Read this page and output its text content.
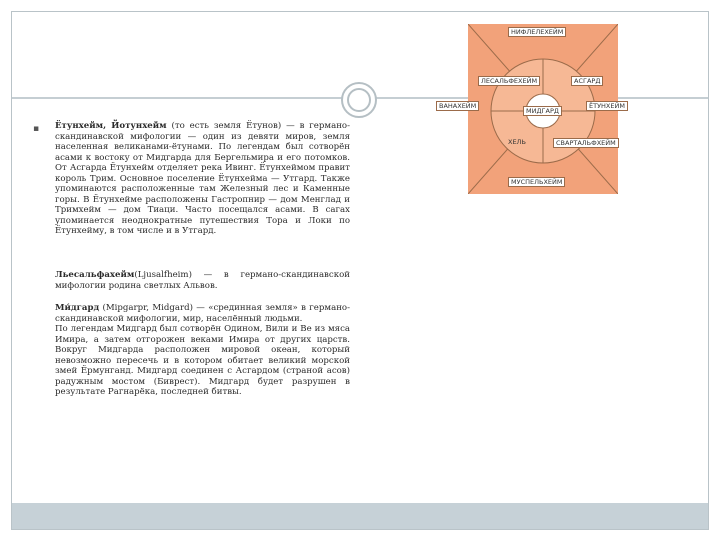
▪ Ётунхейм, Йотунхейм (то есть земля Ётунов) — в германо-скандинавской мифологии — один из девяти миров, земля населенная великанами-ётунами. По легендам был сотворён асами к востоку от Мидгарда для Бергельмира и его потомков. От Асгарда Ётунхейм отделяет река Ивинг. Ётунхеймом правит король Трим. Основное поселение Ётунхейма — Утгард. Также упоминаются расположенные там Железный лес и Каменные горы. В Ётунхейме расположены Гастропнир — дом Менглад и Тримхейм — дом Тиаци. Часто посещался асами. В сагах упоминается неоднократные путешествия Тора и Локи по Ётунхейму, в том числе и в Утгард.
Льесальфахейм(Ljusalfheim) — в германо-скандинавской мифологии родина светлых Альвов.
Ми́дгард (Miрgarрr, Midgard) — «срединная земля» в германо-скандинавской мифологии, мир, населённый людьми.
По легендам Мидгард был сотворён Одином, Вили и Ве из мяса Имира, а затем отгорожен веками Имира от других царств. Вокруг Мидгарда расположен мировой океан, который невозможно пересечь и в котором обитает великий морской змей Ёрмунганд. Мидгард соединен с Асгардом (страной асов) радужным мостом (Биврест). Мидгард будет разрушен в результате Рагнарёка, последней битвы.
НИФЛЕЛЕХЕЙМ
ЛЕСАЛЬФЕХЕЙМ	АСГАРД
ВАНАХЕЙМ
МИДГАРД
ЁТУНХЕЙМ
ХЕЛЬ	СВАРТАЛЬФХЕЙМ
МУСПЕЛЬХЕЙМ
